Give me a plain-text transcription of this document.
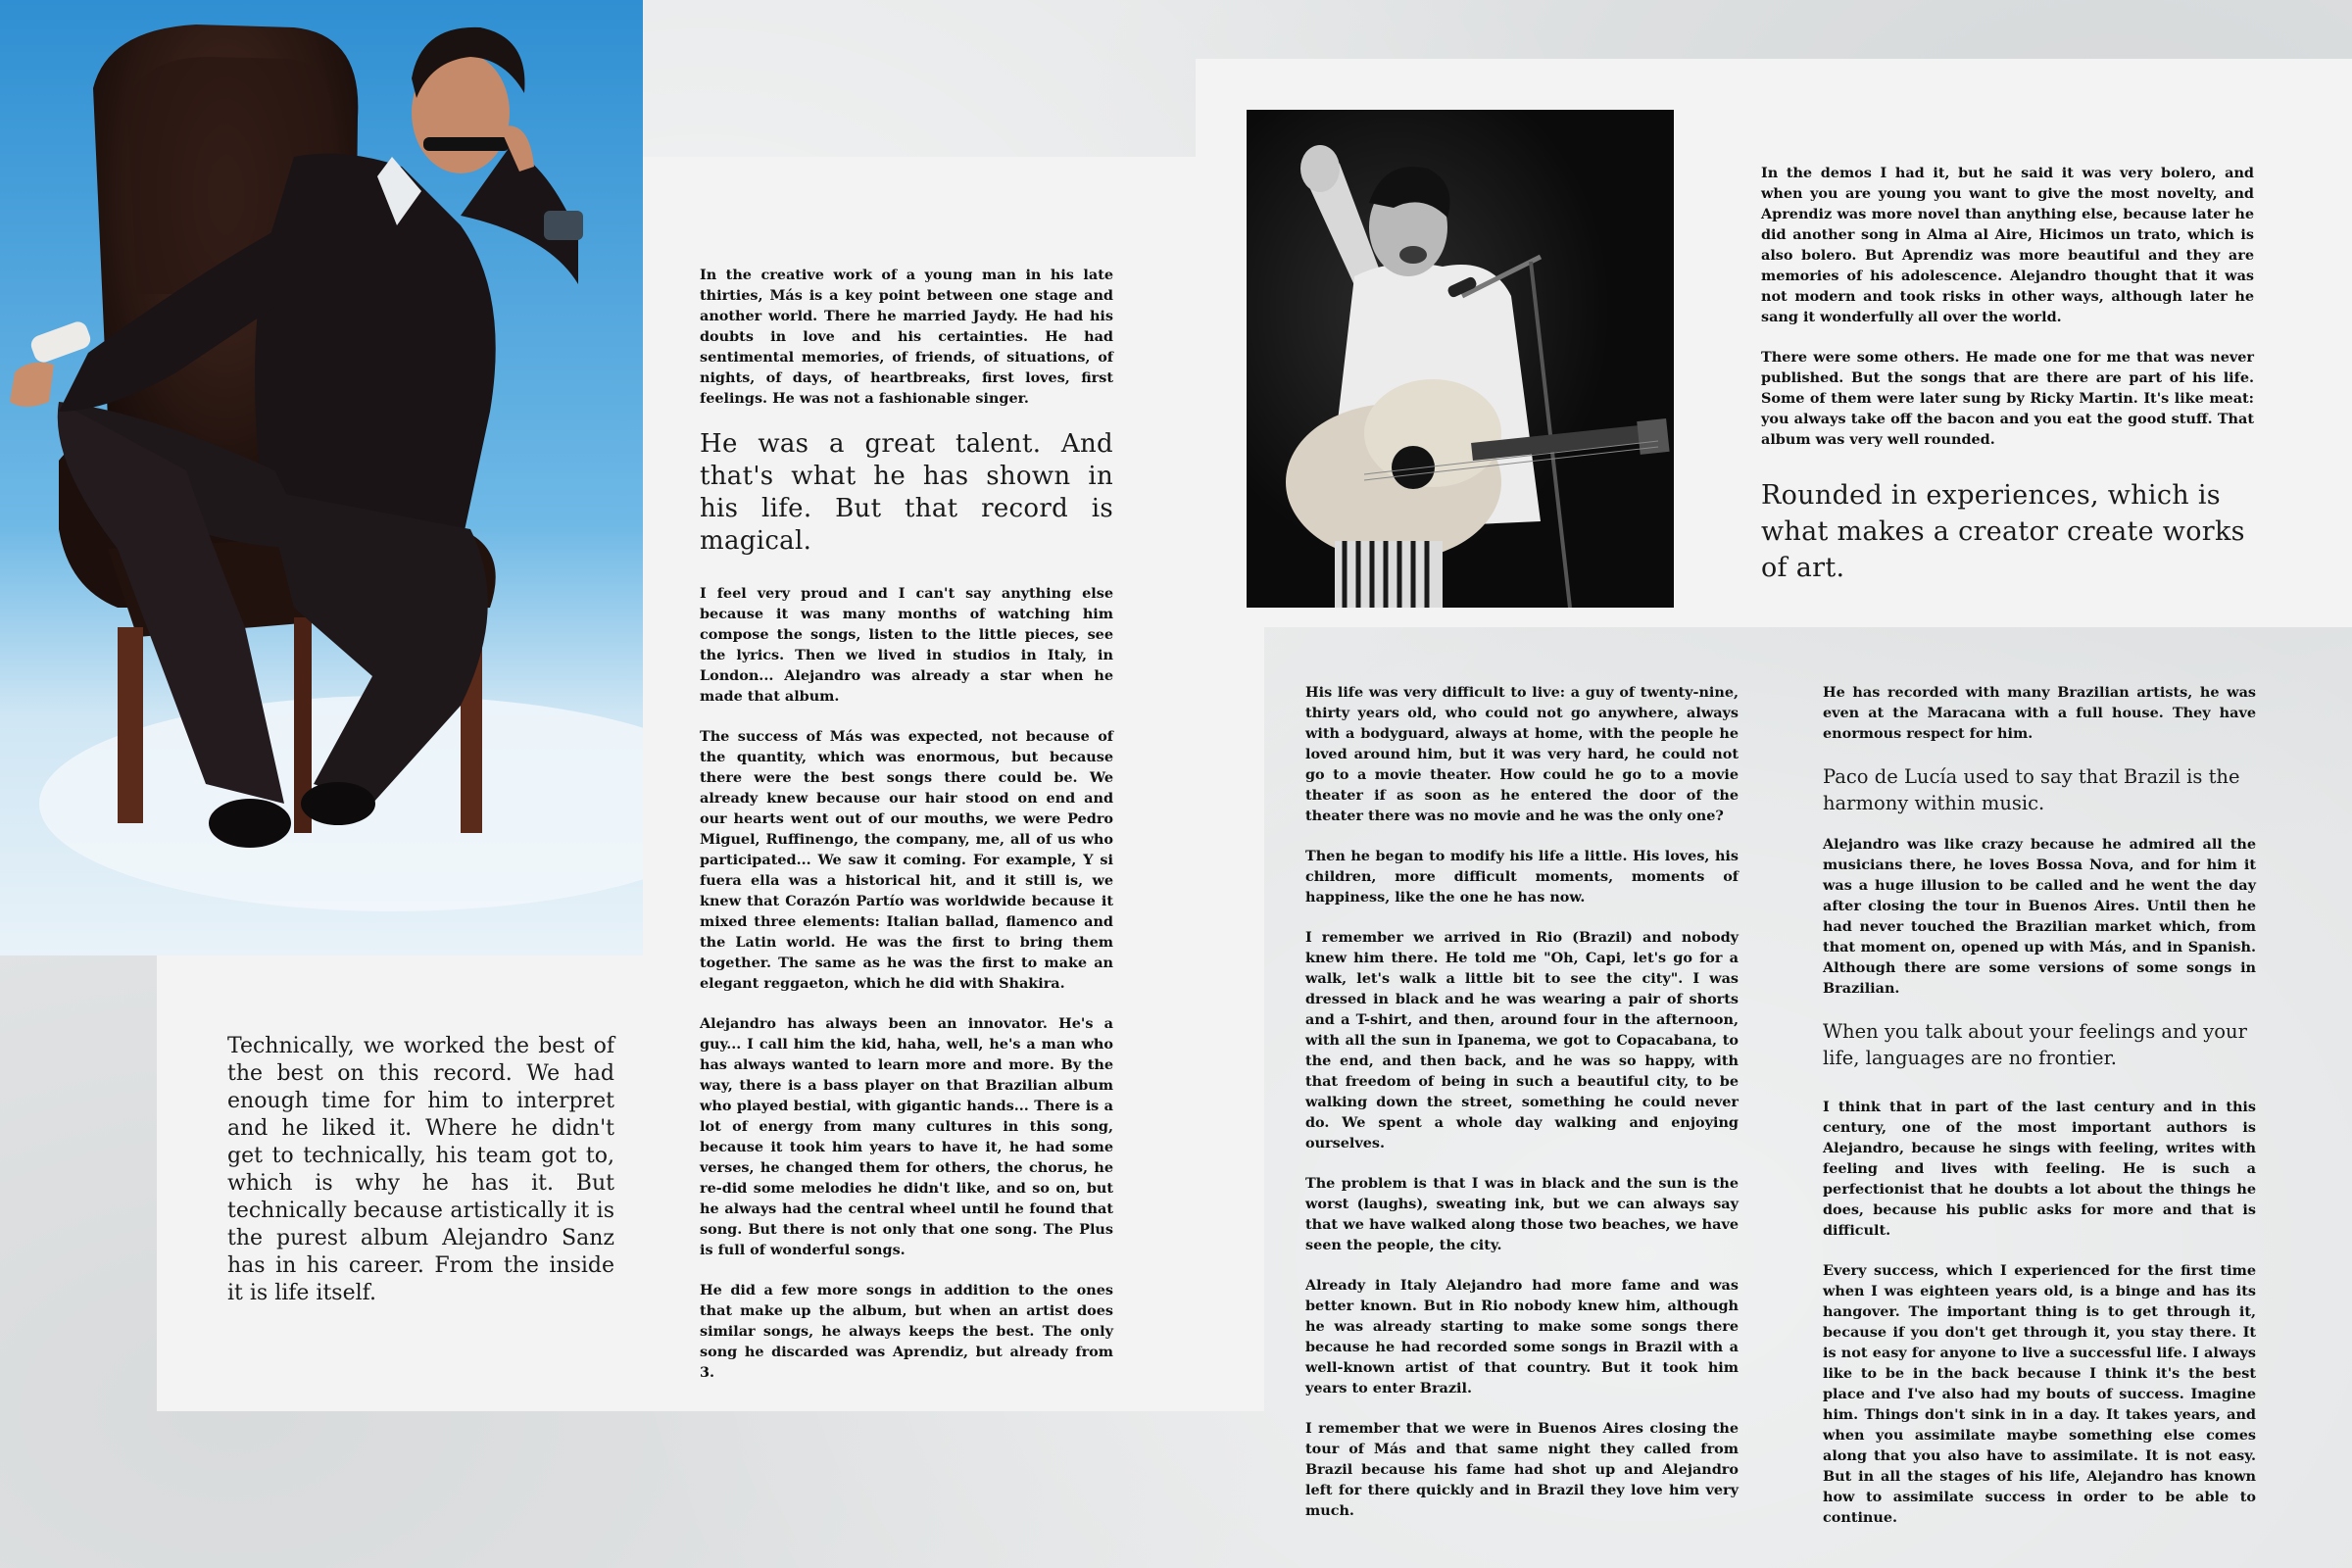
In the creative work of a young man in his late thirties, Más is a key point between one stage and another world. There he married Jaydy. He had his doubts in love and his certainties. He had sentimental memories, of friends, of situations, of nights, of days, of heartbreaks, first loves, first feelings. He was not a fashionable singer.

He was a great talent. And that's what he has shown in his life. But that record is magical.

I feel very proud and I can't say anything else because it was many months of watching him compose the songs, listen to the little pieces, see the lyrics. Then we lived in studios in Italy, in London... Alejandro was already a star when he made that album.

The success of Más was expected, not because of the quantity, which was enormous, but because there were the best songs there could be. We already knew because our hair stood on end and our hearts went out of our mouths, we were Pedro Miguel, Ruffinengo, the company, me, all of us who participated... We saw it coming. For example, Y si fuera ella was a historical hit, and it still is, we knew that Corazón Partío was worldwide because it mixed three elements: Italian ballad, flamenco and the Latin world. He was the first to bring them together. The same as he was the first to make an elegant reggaeton, which he did with Shakira.

Alejandro has always been an innovator. He's a guy... I call him the kid, haha, well, he's a man who has always wanted to learn more and more. By the way, there is a bass player on that Brazilian album who played bestial, with gigantic hands... There is a lot of energy from many cultures in this song, because it took him years to have it, he had some verses, he changed them for others, the chorus, he re-did some melodies he didn't like, and so on, but he always had the central wheel until he found that song. But there is not only that one song. The Plus is full of wonderful songs.

He did a few more songs in addition to the ones that make up the album, but when an artist does similar songs, he always keeps the best. The only song he discarded was Aprendiz, but already from 3.

Technically, we worked the best of the best on this record. We had enough time for him to interpret and he liked it. Where he didn't get to technically, his team got to, which is why he has it. But technically because artistically it is the purest album Alejandro Sanz has in his career. From the inside it is life itself.

In the demos I had it, but he said it was very bolero, and when you are young you want to give the most novelty, and Aprendiz was more novel than anything else, because later he did another song in Alma al Aire, Hicimos un trato, which is also bolero. But Aprendiz was more beautiful and they are memories of his adolescence. Alejandro thought that it was not modern and took risks in other ways, although later he sang it wonderfully all over the world.

There were some others. He made one for me that was never published. But the songs that are there are part of his life. Some of them were later sung by Ricky Martin. It's like meat: you always take off the bacon and you eat the good stuff. That album was very well rounded.

Rounded in experiences, which is what makes a creator create works of art.

His life was very difficult to live: a guy of twenty-nine, thirty years old, who could not go anywhere, always with a bodyguard, always at home, with the people he loved around him, but it was very hard, he could not go to a movie theater. How could he go to a movie theater if as soon as he entered the door of the theater there was no movie and he was the only one?

Then he began to modify his life a little. His loves, his children, more difficult moments, moments of happiness, like the one he has now.

I remember we arrived in Rio (Brazil) and nobody knew him there. He told me "Oh, Capi, let's go for a walk, let's walk a little bit to see the city". I was dressed in black and he was wearing a pair of shorts and a T-shirt, and then, around four in the afternoon, with all the sun in Ipanema, we got to Copacabana, to the end, and then back, and he was so happy, with that freedom of being in such a beautiful city, to be walking down the street, something he could never do. We spent a whole day walking and enjoying ourselves.

The problem is that I was in black and the sun is the worst (laughs), sweating ink, but we can always say that we have walked along those two beaches, we have seen the people, the city.

Already in Italy Alejandro had more fame and was better known. But in Rio nobody knew him, although he was already starting to make some songs there because he had recorded some songs in Brazil with a well-known artist of that country. But it took him years to enter Brazil.

I remember that we were in Buenos Aires closing the tour of Más and that same night they called from Brazil because his fame had shot up and Alejandro left for there quickly and in Brazil they love him very much.

He has recorded with many Brazilian artists, he was even at the Maracana with a full house. They have enormous respect for him.

Paco de Lucía used to say that Brazil is the harmony within music.

Alejandro was like crazy because he admired all the musicians there, he loves Bossa Nova, and for him it was a huge illusion to be called and he went the day after closing the tour in Buenos Aires. Until then he had never touched the Brazilian market which, from that moment on, opened up with Más, and in Spanish. Although there are some versions of some songs in Brazilian.

When you talk about your feelings and your life, languages are no frontier.

I think that in part of the last century and in this century, one of the most important authors is Alejandro, because he sings with feeling, writes with feeling and lives with feeling. He is such a perfectionist that he doubts a lot about the things he does, because his public asks for more and that is difficult.

Every success, which I experienced for the first time when I was eighteen years old, is a binge and has its hangover. The important thing is to get through it, because if you don't get through it, you stay there. It is not easy for anyone to live a successful life. I always like to be in the back because I think it's the best place and I've also had my bouts of success. Imagine him. Things don't sink in in a day. It takes years, and when you assimilate maybe something else comes along that you also have to assimilate. It is not easy. But in all the stages of his life, Alejandro has known how to assimilate success in order to be able to continue.
